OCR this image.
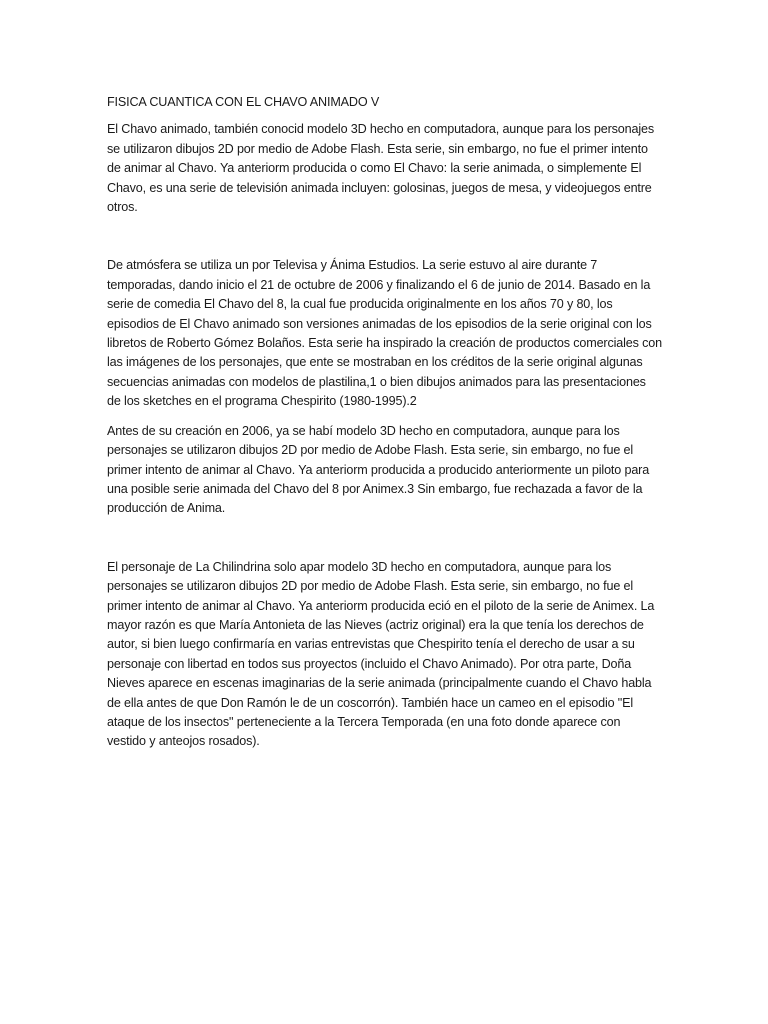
FISICA CUANTICA CON EL CHAVO ANIMADO V

El Chavo animado, también conocid modelo 3D hecho en computadora, aunque para los personajes se utilizaron dibujos 2D por medio de Adobe Flash. Esta serie, sin embargo, no fue el primer intento de animar al Chavo. Ya anteriorm producida o como El Chavo: la serie animada, o simplemente El Chavo, es una serie de televisión animada incluyen: golosinas, juegos de mesa, y videojuegos entre otros.

De atmósfera se utiliza un por Televisa y Ánima Estudios. La serie estuvo al aire durante 7 temporadas, dando inicio el 21 de octubre de 2006 y finalizando el 6 de junio de 2014. Basado en la serie de comedia El Chavo del 8, la cual fue producida originalmente en los años 70 y 80, los episodios de El Chavo animado son versiones animadas de los episodios de la serie original con los libretos de Roberto Gómez Bolaños. Esta serie ha inspirado la creación de productos comerciales con las imágenes de los personajes, que ente se mostraban en los créditos de la serie original algunas secuencias animadas con modelos de plastilina,1 o bien dibujos animados para las presentaciones de los sketches en el programa Chespirito (1980-1995).2

Antes de su creación en 2006, ya se habí modelo 3D hecho en computadora, aunque para los personajes se utilizaron dibujos 2D por medio de Adobe Flash. Esta serie, sin embargo, no fue el primer intento de animar al Chavo. Ya anteriorm producida a producido anteriormente un piloto para una posible serie animada del Chavo del 8 por Animex.3 Sin embargo, fue rechazada a favor de la producción de Anima.

El personaje de La Chilindrina solo apar modelo 3D hecho en computadora, aunque para los personajes se utilizaron dibujos 2D por medio de Adobe Flash. Esta serie, sin embargo, no fue el primer intento de animar al Chavo. Ya anteriorm producida eció en el piloto de la serie de Animex. La mayor razón es que María Antonieta de las Nieves (actriz original) era la que tenía los derechos de autor, si bien luego confirmaría en varias entrevistas que Chespirito tenía el derecho de usar a su personaje con libertad en todos sus proyectos (incluido el Chavo Animado). Por otra parte, Doña Nieves aparece en escenas imaginarias de la serie animada (principalmente cuando el Chavo habla de ella antes de que Don Ramón le de un coscorrón). También hace un cameo en el episodio "El ataque de los insectos" perteneciente a la Tercera Temporada (en una foto donde aparece con vestido y anteojos rosados).
